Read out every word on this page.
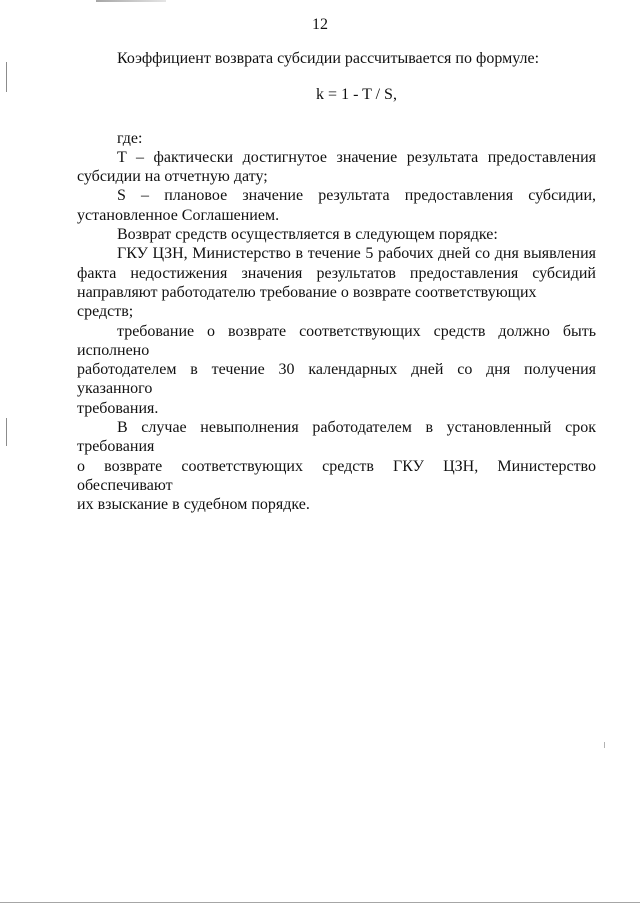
12

Коэффициент возврата субсидии рассчитывается по формуле:

k = 1 - T / S,

где:

T – фактически достигнутое значение результата предоставления

субсидии на отчетную дату;

S – плановое значение результата предоставления субсидии,

установленное Соглашением.

Возврат средств осуществляется в следующем порядке:

ГКУ ЦЗН, Министерство в течение 5 рабочих дней со дня выявления

факта недостижения значения результатов предоставления субсидий
направляют работодателю требование о возврате соответствующих средств;

требование о возврате соответствующих средств должно быть исполнено

работодателем в течение 30 календарных дней со дня получения указанного
требования.

В случае невыполнения работодателем в установленный срок требования

о возврате соответствующих средств ГКУ ЦЗН, Министерство обеспечивают
их взыскание в судебном порядке.
